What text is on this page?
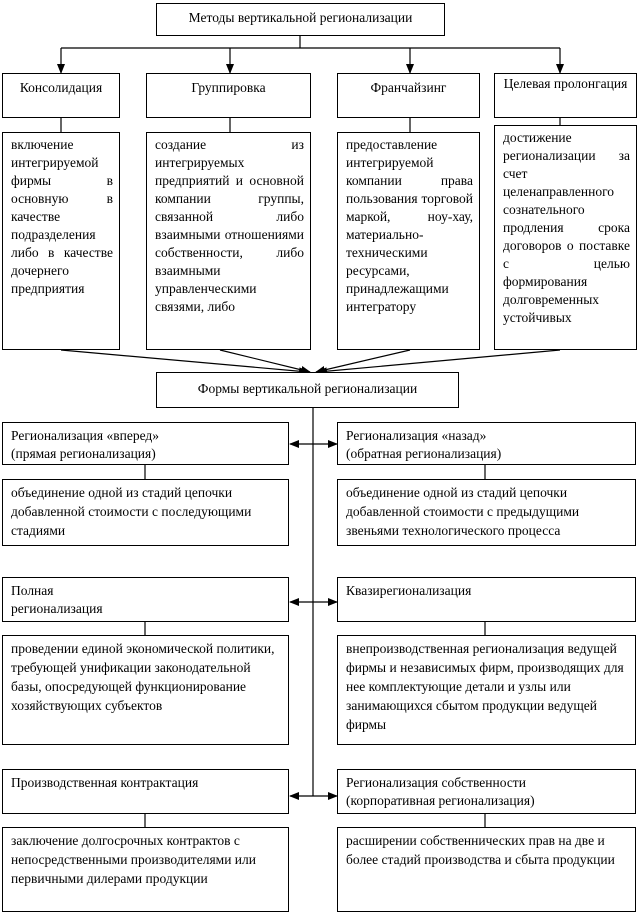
Методы вертикальной регионализации
Консолидация	Группировка	Франчайзинг	Целевая пролонгация
включение интегрируемой фирмы в основную в качестве подразделения либо в качестве дочернего предприятия
создание из интегрируемых предприятий и основной компании группы, связанной либо взаимными отношениями собственности, либо взаимными управленческими связями, либо
предоставление интегрируемой компании права пользования торговой маркой, ноу-хау, материально-техническими ресурсами, принадлежащими интегратору
достижение регионализации за счет целенаправленного сознательного продления срока договоров о поставке с целью формирования долговременных устойчивых
Формы вертикальной регионализации
Регионализация «вперед»
(прямая регионализация)
Регионализация «назад»
(обратная регионализация)
объединение одной из стадий цепочки добавленной стоимости с последующими стадиями
объединение одной из стадий цепочки добавленной стоимости с предыдущими звеньями технологического процесса
Полная
регионализация
Квазирегионализация
проведении единой экономической политики, требующей унификации законодательной базы, опосредующей функционирование хозяйствующих субъектов
внепроизводственная регионализация ведущей фирмы и независимых фирм, производящих для нее комплектующие детали и узлы или занимающихся сбытом продукции ведущей фирмы
Производственная контрактация	Регионализация собственности
(корпоративная регионализация)
заключение долгосрочных контрактов с непосредственными производителями или первичными дилерами продукции
расширении собственнических прав на две и более стадий производства и сбыта продукции
